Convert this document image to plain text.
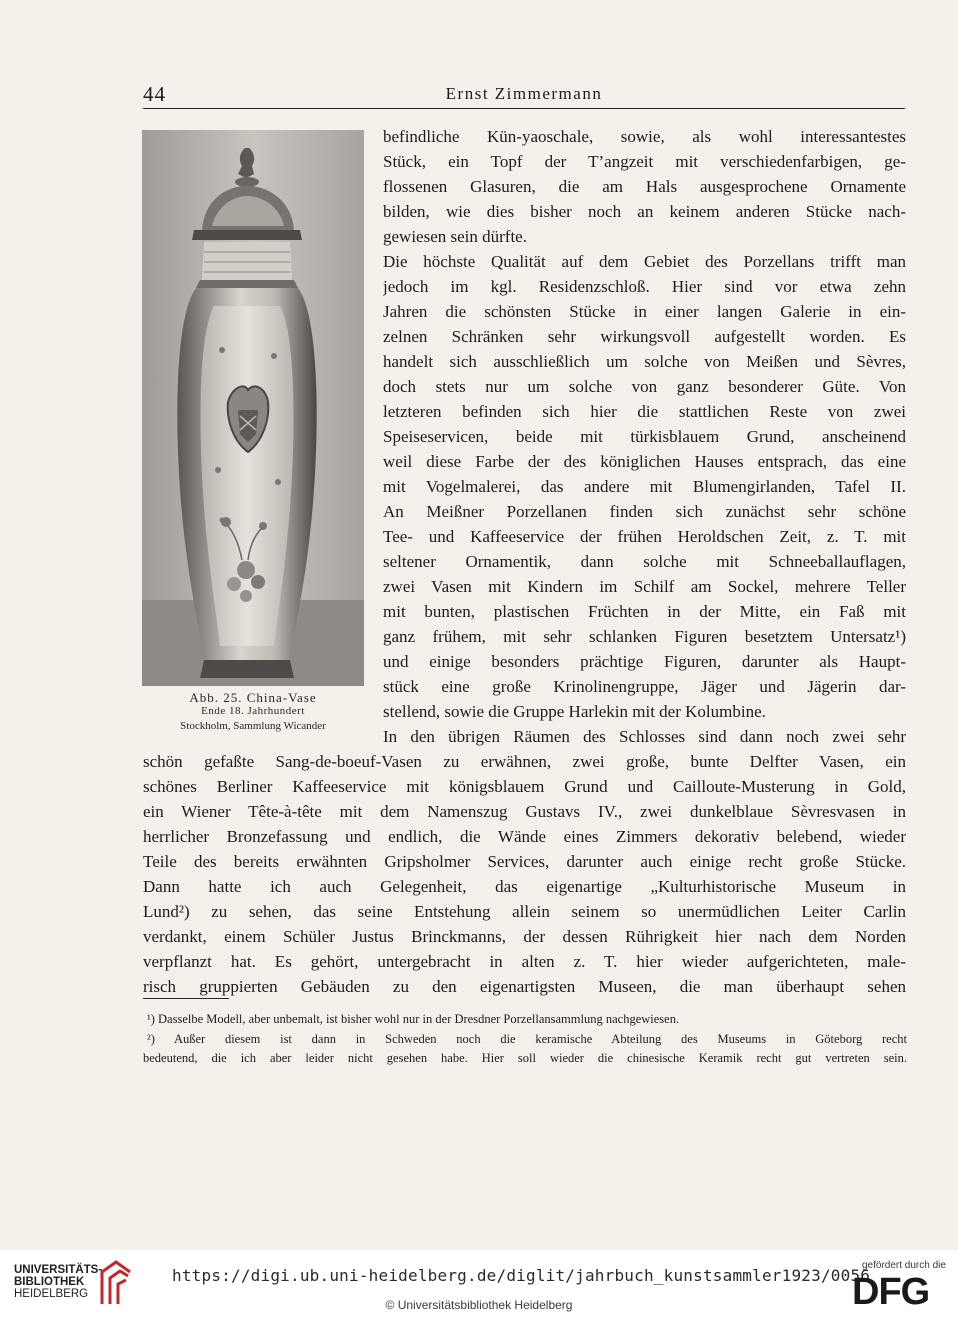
44	Ernst Zimmermann
Abb. 25. China-Vase
Ende 18. Jahrhundert
Stockholm, Sammlung Wicander
befindliche Kün-yaoschale, sowie, als wohl interessantestes
Stück, ein Topf der T’angzeit mit verschiedenfarbigen, ge-
flossenen Glasuren, die am Hals ausgesprochene Ornamente
bilden, wie dies bisher noch an keinem anderen Stücke nach-
gewiesen sein dürfte.
Die höchste Qualität auf dem Gebiet des Porzellans trifft man
jedoch im kgl. Residenzschloß. Hier sind vor etwa zehn
Jahren die schönsten Stücke in einer langen Galerie in ein-
zelnen Schränken sehr wirkungsvoll aufgestellt worden. Es
handelt sich ausschließlich um solche von Meißen und Sèvres,
doch stets nur um solche von ganz besonderer Güte. Von
letzteren befinden sich hier die stattlichen Reste von zwei
Speiseservicen, beide mit türkisblauem Grund, anscheinend
weil diese Farbe der des königlichen Hauses entsprach, das eine
mit Vogelmalerei, das andere mit Blumengirlanden, Tafel II.
An Meißner Porzellanen finden sich zunächst sehr schöne
Tee- und Kaffeeservice der frühen Heroldschen Zeit, z. T. mit
seltener Ornamentik, dann solche mit Schneeballauflagen,
zwei Vasen mit Kindern im Schilf am Sockel, mehrere Teller
mit bunten, plastischen Früchten in der Mitte, ein Faß mit
ganz frühem, mit sehr schlanken Figuren besetztem Untersatz¹)
und einige besonders prächtige Figuren, darunter als Haupt-
stück eine große Krinolinengruppe, Jäger und Jägerin dar-
stellend, sowie die Gruppe Harlekin mit der Kolumbine.
In den übrigen Räumen des Schlosses sind dann noch zwei sehr
schön gefaßte Sang-de-boeuf-Vasen zu erwähnen, zwei große, bunte Delfter Vasen, ein
schönes Berliner Kaffeeservice mit königsblauem Grund und Cailloute-Musterung in Gold,
ein Wiener Tête-à-tête mit dem Namenszug Gustavs IV., zwei dunkelblaue Sèvresvasen in
herrlicher Bronzefassung und endlich, die Wände eines Zimmers dekorativ belebend, wieder
Teile des bereits erwähnten Gripsholmer Services, darunter auch einige recht große Stücke.
Dann hatte ich auch Gelegenheit, das eigenartige „Kulturhistorische Museum in
Lund²) zu sehen, das seine Entstehung allein seinem so unermüdlichen Leiter Carlin
verdankt, einem Schüler Justus Brinckmanns, der dessen Rührigkeit hier nach dem Norden
verpflanzt hat. Es gehört, untergebracht in alten z. T. hier wieder aufgerichteten, male-
risch gruppierten Gebäuden zu den eigenartigsten Museen, die man überhaupt sehen
¹) Dasselbe Modell, aber unbemalt, ist bisher wohl nur in der Dresdner Porzellansammlung nachgewiesen.
²) Außer diesem ist dann in Schweden noch die keramische Abteilung des Museums in Göteborg recht
bedeutend, die ich aber leider nicht gesehen habe. Hier soll wieder die chinesische Keramik recht gut vertreten sein.
UNIVERSITÄTS-
BIBLIOTHEK
HEIDELBERG
https://digi.ub.uni-heidelberg.de/diglit/jahrbuch_kunstsammler1923/0056
© Universitätsbibliothek Heidelberg
gefördert durch die
DFG
